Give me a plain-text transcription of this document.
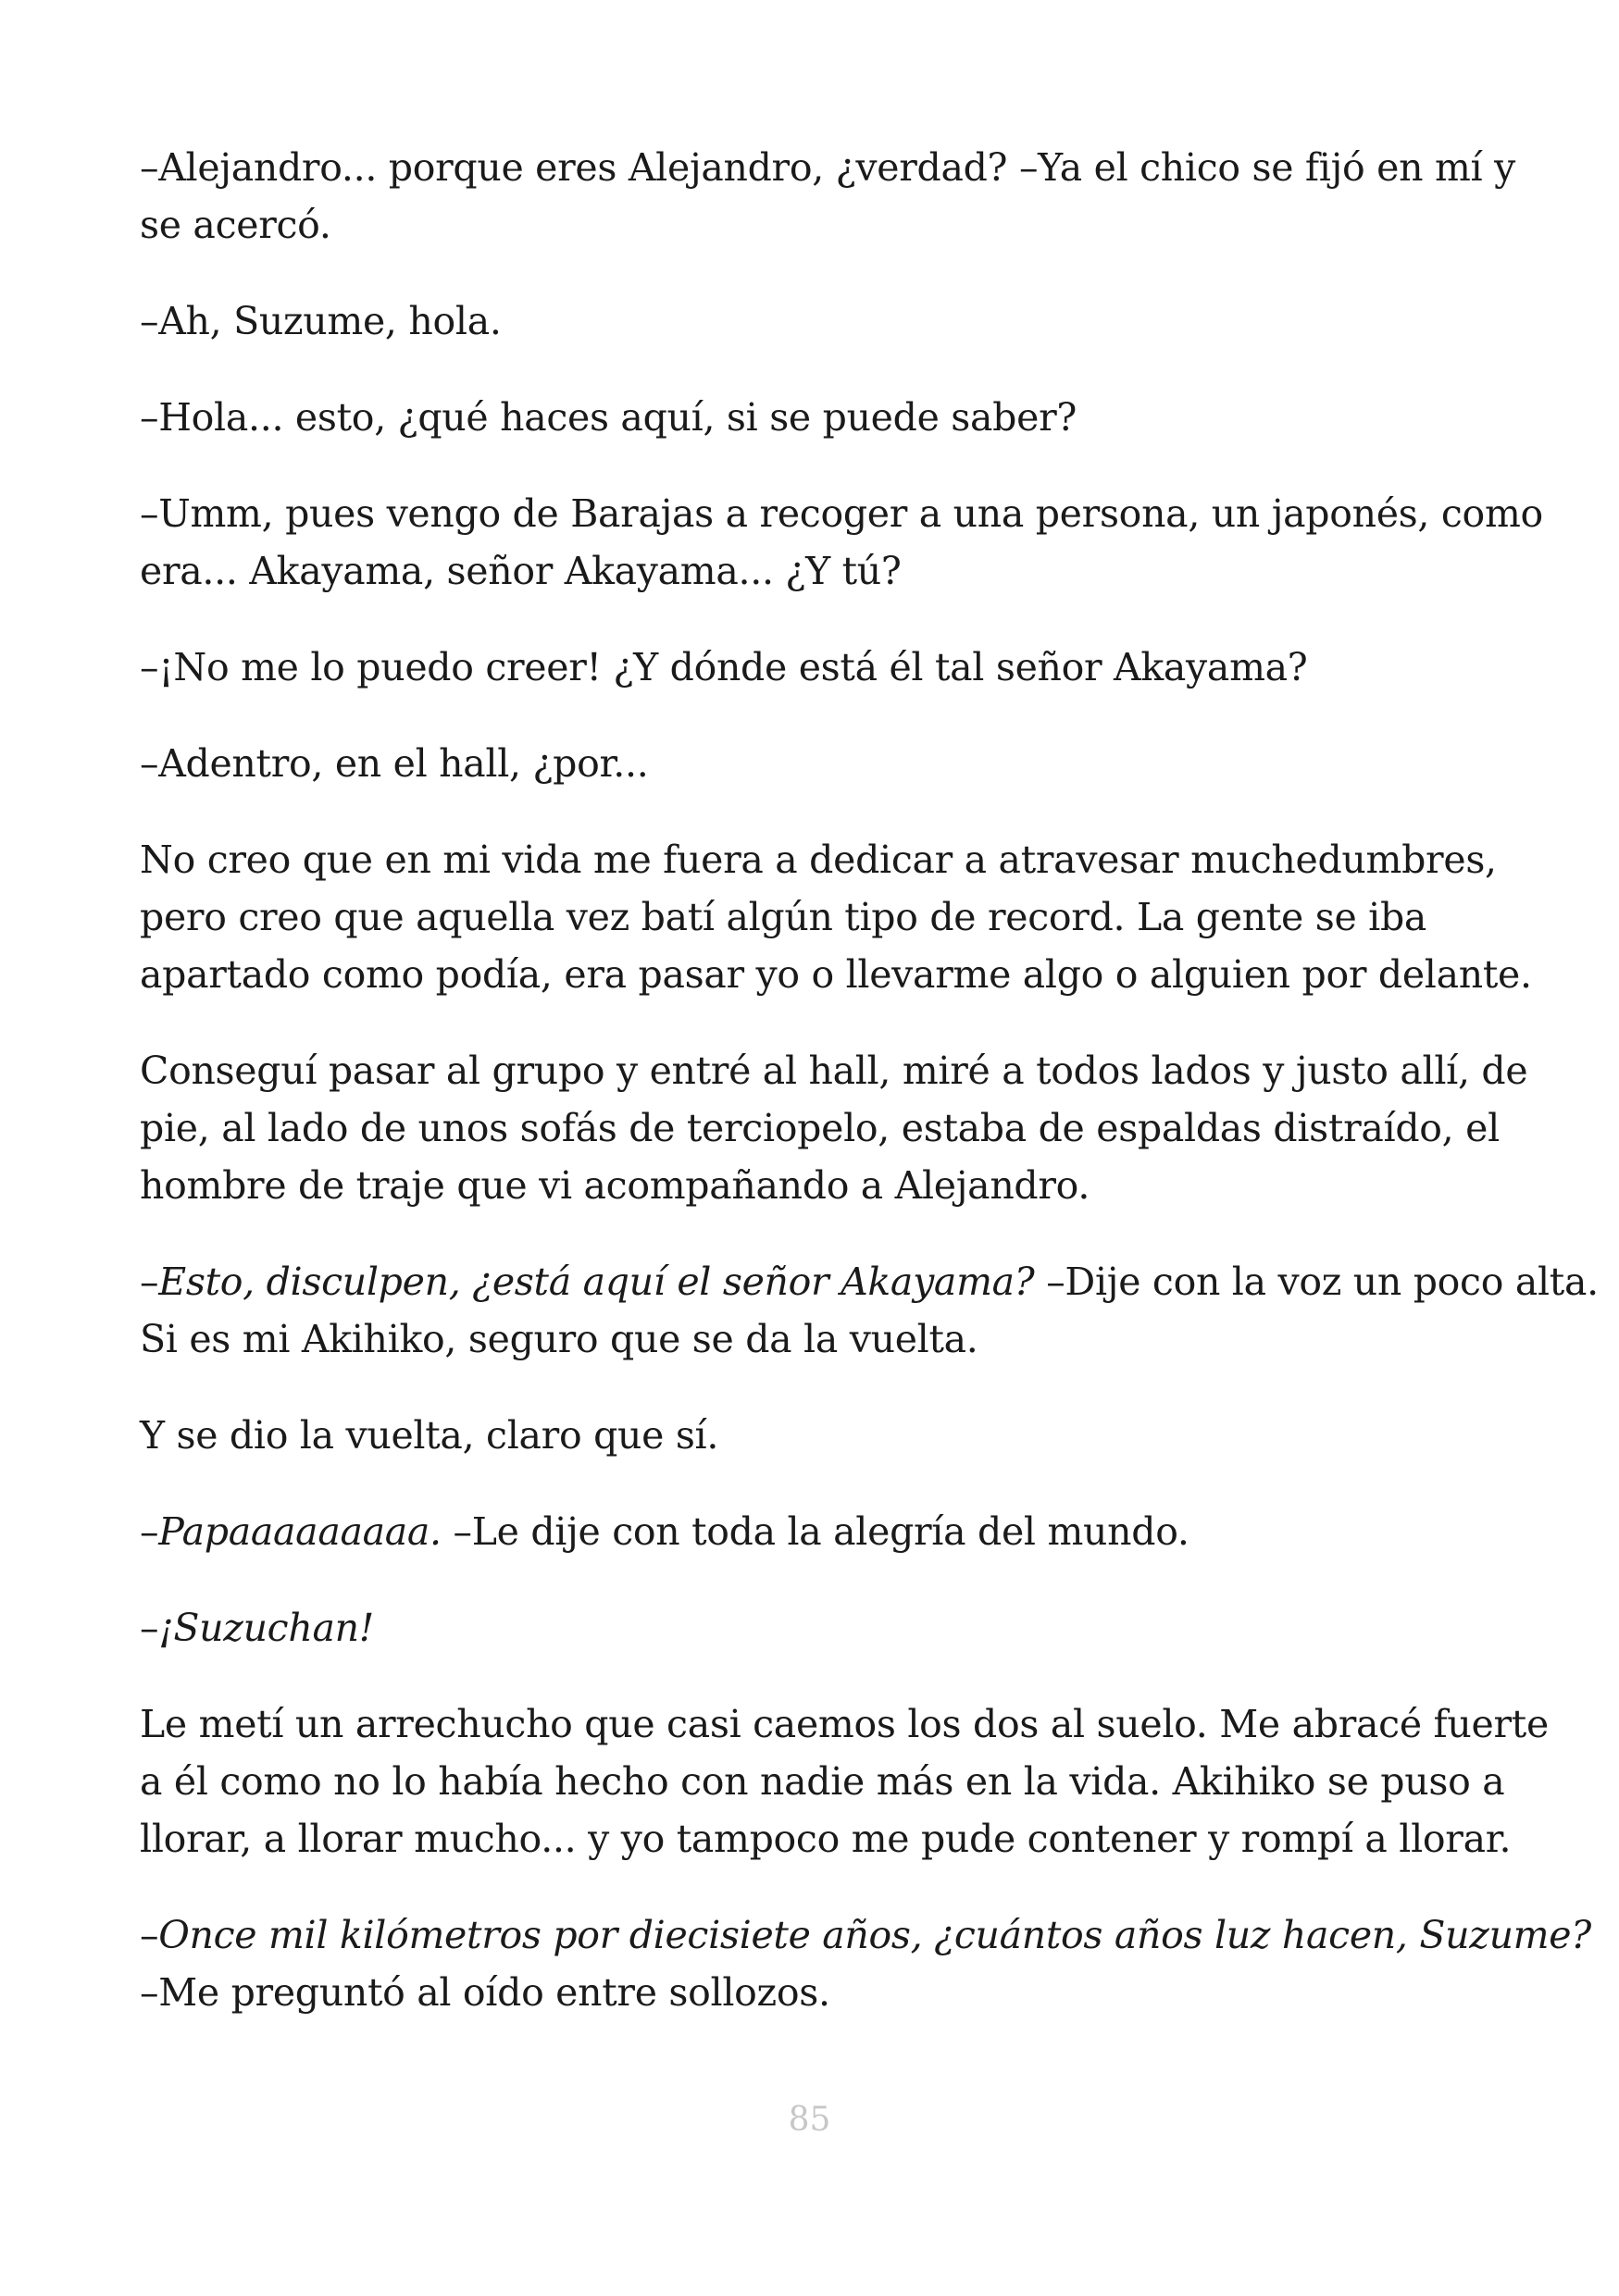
–Alejandro... porque eres Alejandro, ¿verdad? –Ya el chico se fijó en mí y
se acercó.
–Ah, Suzume, hola.
–Hola... esto, ¿qué haces aquí, si se puede saber?
–Umm, pues vengo de Barajas a recoger a una persona, un japonés, como
era... Akayama, señor Akayama... ¿Y tú?
–¡No me lo puedo creer! ¿Y dónde está él tal señor Akayama?
–Adentro, en el hall, ¿por...
No creo que en mi vida me fuera a dedicar a atravesar muchedumbres,
pero creo que aquella vez batí algún tipo de record. La gente se iba
apartado como podía, era pasar yo o llevarme algo o alguien por delante.
Conseguí pasar al grupo y entré al hall, miré a todos lados y justo allí, de
pie, al lado de unos sofás de terciopelo, estaba de espaldas distraído, el
hombre de traje que vi acompañando a Alejandro.
–Esto, disculpen, ¿está aquí el señor Akayama? –Dije con la voz un poco alta.
Si es mi Akihiko, seguro que se da la vuelta.
Y se dio la vuelta, claro que sí.
–Papaaaaaaaaa. –Le dije con toda la alegría del mundo.
–¡Suzuchan!
Le metí un arrechucho que casi caemos los dos al suelo. Me abracé fuerte
a él como no lo había hecho con nadie más en la vida. Akihiko se puso a
llorar, a llorar mucho... y yo tampoco me pude contener y rompí a llorar.
–Once mil kilómetros por diecisiete años, ¿cuántos años luz hacen, Suzume?
–Me preguntó al oído entre sollozos.
85
